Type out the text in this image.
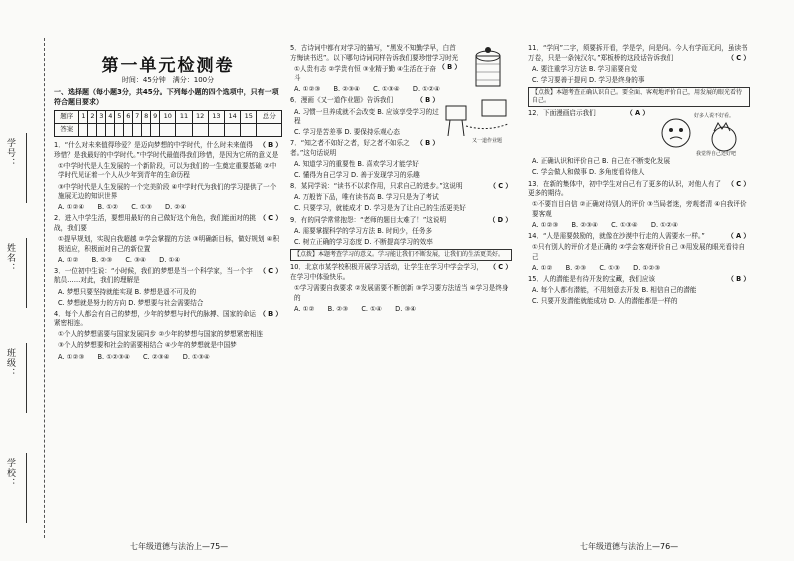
学号：
姓名：
班级：
学校：
第一单元检测卷
时间：45分钟　满分：100分
一、选择题（每小题3分，共45分。下列每小题的四个选项中，只有一项符合题目要求）
题序	1	2	3	4	5	6	7	8	9	10	11	12	13	14	15	总分
答案																

（ B ）
1．“什么对未来值得珍爱？是迈向梦想的中学时代，什么时未来值得珍惜？是我最好的中学时代。”中学时代最值得我们珍惜，是因为它所的意义是

①中学时代是人生发展的一个新阶段，可以为我们的一生奠定重要基础 ②中学时代见证着一个人从少年到青年的生命历程

③中学时代是人生发展的一个完美阶段 ④中学时代为我们的学习提供了一个施展无边的知识世界

A. ①②④　　B. ①②　　C. ①③　　D. ②④

（ C ）
2．进入中学生活，要想用最好的自己做好这个角色，我们能面对的挑战，我们要

①提早规划，实现自我超越 ②学会掌握的方法 ③明确新目标，做好规划 ④积极适应，积极面对自己的新位置

A. ①②　　B. ②③　　C. ③④　　D. ①④

（ C ）
3．一位初中生说：“小时候，我们的梦想是当一个科学家，当一个宇航员……对此，我们的理解是

A. 梦想只要坚持就能实现 B. 梦想是遥不可及的

C. 梦想就是努力的方向 D. 梦想要与社会需要结合

（ B ）
4．每个人都会有自己的梦想，少年的梦想与时代的脉搏、国家的命运紧密相连。

①个人的梦想需要与国家发展同步 ②少年的梦想与国家的梦想紧密相连

③个人的梦想要和社会的需要相结合 ④少年的梦想就是中国梦

A. ①②③　　B. ①②③④　　C. ②③④　　D. ①③④

5．古诗词中都有对学习的描写，“黑发不知勤学早，白首方悔读书迟”。以下哪句诗词同样告诉我们要珍惜学习时光
（ B ）

①人贵有志 ②学贵有恒 ③业精于勤 ④生活在于奋斗

A. ①②③　　B. ②③④　　C. ①③④　　D. ①②④

又一道作业题

6．漫画《又一道作业题》告诉我们	（ B ）

A. 习惯一旦养成就不会改变 B. 应该享受学习的过程

C. 学习是苦差事 D. 要保持乐观心态

（ B ）
7．“知之者不如好之者，好之者不如乐之者。”这句话说明

A. 知道学习的重要性 B. 喜欢学习才能学好

C. 懂得为自己学习 D. 善于发现学习的乐趣

（ C ）
8．某同学说：“读书不以求作用，只求自己的进步。”这说明

A. 万般皆下品，唯有读书高 B. 学习只是为了考试

C. 只要学习，就能成才 D. 学习是为了让自己的生活更美好

（ D ）
9．有的同学常常抱怨：“老师的题目太难了！”这说明

A. 需要掌握科学的学习方法 B. 时间少，任务多

C. 树立正确的学习态度 D. 不断提高学习的效率

【点拨】本题考查学习的意义。学习能让我们不断发展，让我们的生活更美好。

（ C ）
10．北京市某学校积极开展学习活动，让学生在学习中学会学习，在学习中体验快乐。

①学习需要自我要求 ②发展需要不断创新 ③学习要方法适当 ④学习是终身的

A. ①②　　B. ②③　　C. ①④　　D. ③④

11．“学问”二字，须要拆开看，学是学，问是问。今人有学而无问，虽读书万卷，只是一条钝汉尔。”郑板桥的这段话告诉我们	（ C ）

A. 要注重学习方法 B. 学习需要自觉

C. 学习要善于提问 D. 学习是终身的事

【点拨】本题考查正确认识自己。要全面、客观地评价自己，用发展的眼光看待自己。
好多人说不好看。
我觉得自己还好吧

12．下面漫画启示我们	（ A ）

A. 正确认识和评价自己 B. 自己在不断变化发展

C. 学会做人和做事 D. 多角度看待他人

（ C ）
13．在新的集体中，初中学生对自己有了更多的认识，对他人有了更多的期待。

①不要盲目自信 ②正确对待别人的评价 ③当局者迷，旁观者清 ④自我评价要客观

A. ①②③　　B. ②③④　　C. ①③④　　D. ①②④

（ A ）
14．“人是需要鼓励的，就像在沙漠中行走的人需要水一样。”

①只有别人的评价才是正确的 ②学会客观评价自己 ③用发展的眼光看待自己

A. ①②　　B. ②③　　C. ①③　　D. ①②③

（ B ）
15．人的潜能是有待开发的宝藏，我们应该

A. 每个人都有潜能，不用刻意去开发 B. 相信自己的潜能

C. 只要开发潜能就能成功 D. 人的潜能都是一样的

七年级道德与法治上—75—	七年级道德与法治上—76—
